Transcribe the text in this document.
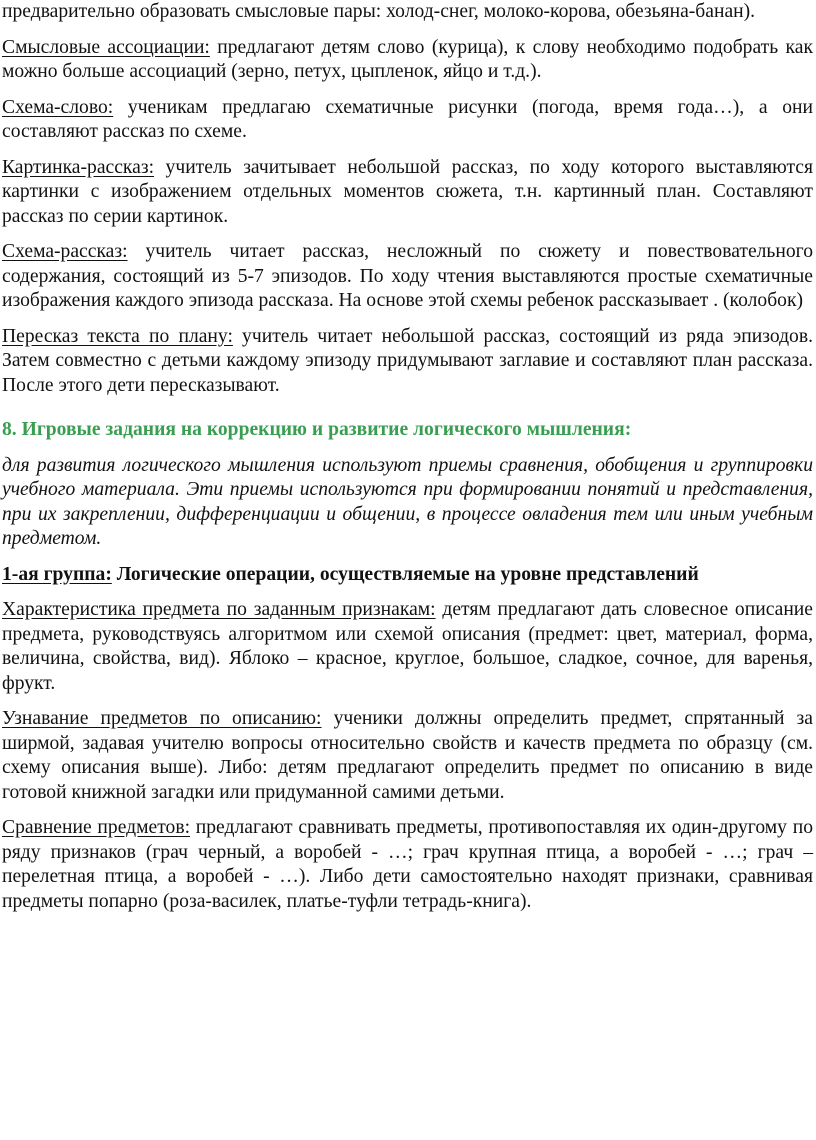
предварительно образовать смысловые пары: холод-снег, молоко-корова, обезьяна-банан).

Смысловые ассоциации: предлагают детям слово (курица), к слову необходимо подобрать как можно больше ассоциаций (зерно, петух, цыпленок, яйцо и т.д.).

Схема-слово: ученикам предлагаю схематичные рисунки (погода, время года…), а они составляют рассказ по схеме.

Картинка-рассказ: учитель зачитывает небольшой рассказ, по ходу которого выставляются картинки с изображением отдельных моментов сюжета, т.н. картинный план. Составляют рассказ по серии картинок.

Схема-рассказ: учитель читает рассказ, несложный по сюжету и повествовательного содержания, состоящий из 5-7 эпизодов. По ходу чтения выставляются простые схематичные изображения каждого эпизода рассказа. На основе этой схемы ребенок рассказывает . (колобок)

Пересказ текста по плану: учитель читает небольшой рассказ, состоящий из ряда эпизодов. Затем совместно с детьми каждому эпизоду придумывают заглавие и составляют план рассказа. После этого дети пересказывают.

8. Игровые задания на коррекцию и развитие логического мышления:

для развития логического мышления используют приемы сравнения, обобщения и группировки учебного материала. Эти приемы используются при формировании понятий и представления, при их закреплении, дифференциации и общении, в процессе овладения тем или иным учебным предметом.

1-ая группа: Логические операции, осуществляемые на уровне представлений

Характеристика предмета по заданным признакам: детям предлагают дать словесное описание предмета, руководствуясь алгоритмом или схемой описания (предмет: цвет, материал, форма, величина, свойства, вид). Яблоко – красное, круглое, большое, сладкое, сочное, для варенья, фрукт.

Узнавание предметов по описанию: ученики должны определить предмет, спрятанный за ширмой, задавая учителю вопросы относительно свойств и качеств предмета по образцу (см. схему описания выше). Либо: детям предлагают определить предмет по описанию в виде готовой книжной загадки или придуманной самими детьми.

Сравнение предметов: предлагают сравнивать предметы, противопоставляя их один-другому по ряду признаков (грач черный, а воробей - …; грач крупная птица, а воробей - …; грач – перелетная птица, а воробей - …). Либо дети самостоятельно находят признаки, сравнивая предметы попарно (роза-василек, платье-туфли тетрадь-книга).
